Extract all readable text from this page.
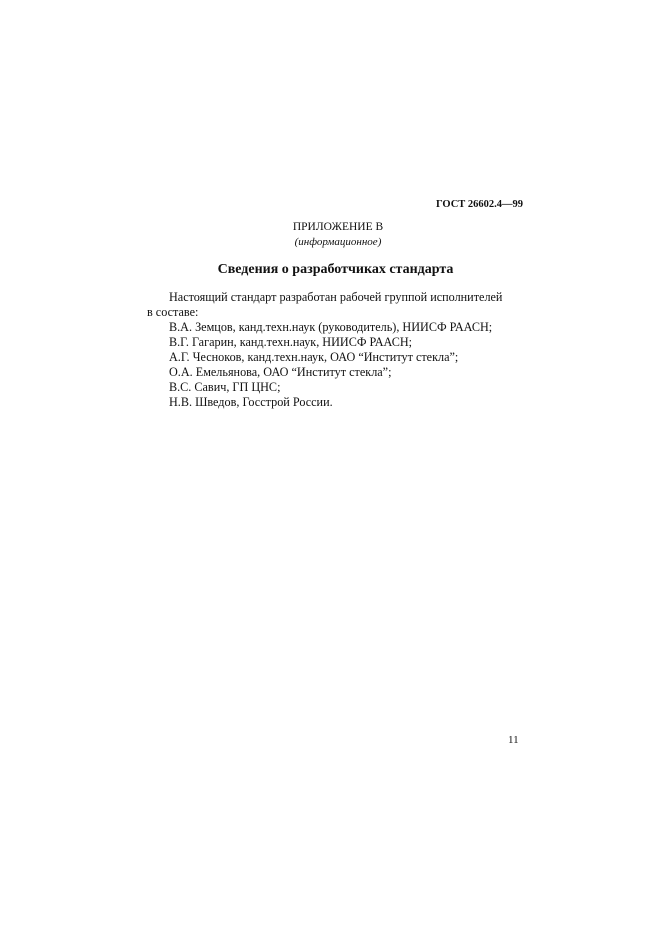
ГОСТ 26602.4—99
ПРИЛОЖЕНИЕ В
(информационное)
Сведения о разработчиках стандарта
Настоящий стандарт разработан рабочей группой исполнителей
в составе:
В.А. Земцов, канд.техн.наук (руководитель), НИИСФ РААСН;
В.Г. Гагарин, канд.техн.наук, НИИСФ РААСН;
А.Г. Чесноков, канд.техн.наук, ОАО “Институт стекла”;
О.А. Емельянова, ОАО “Институт стекла”;
В.С. Савич, ГП ЦНС;
Н.В. Шведов, Госстрой России.
11
